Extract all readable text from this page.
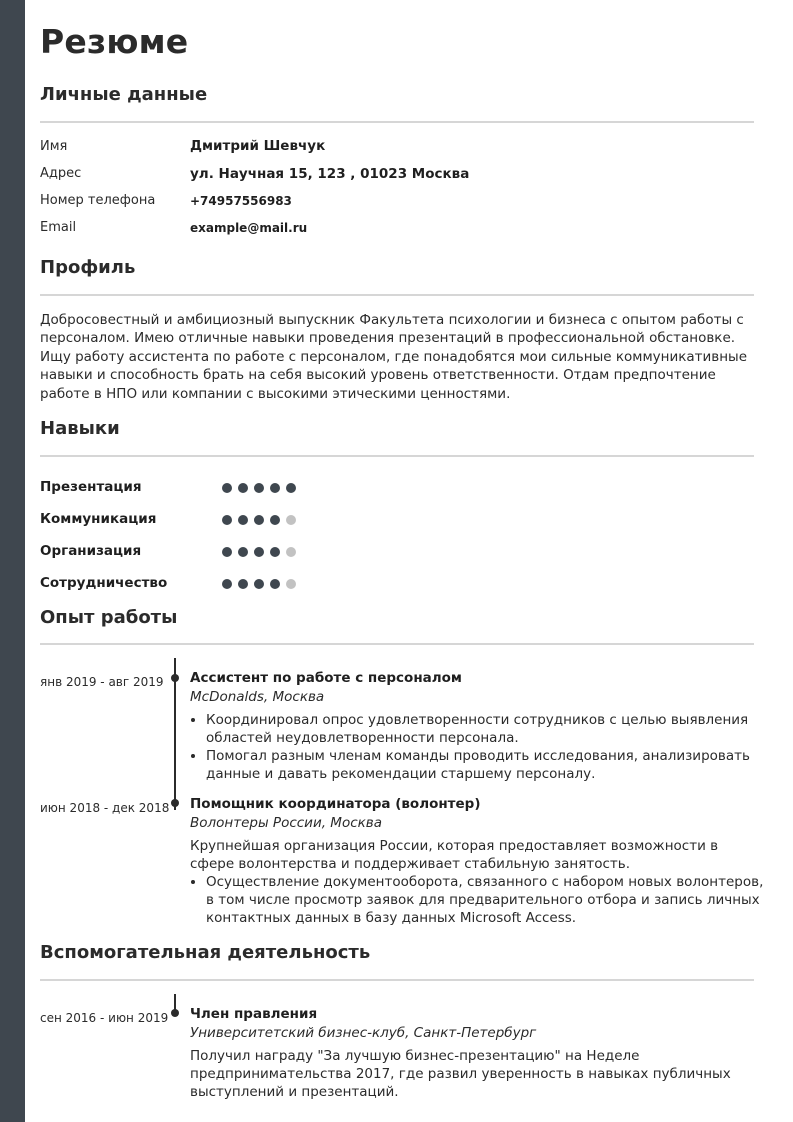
Резюме
Личные данные
Имя	Дмитрий Шевчук
Адрес	ул. Научная 15, 123 , 01023 Москва
Номер телефона	+74957556983
Email	example@mail.ru
Профиль
Добросовестный и амбициозный выпускник Факультета психологии и бизнеса с опытом работы с персоналом. Имею отличные навыки проведения презентаций в профессиональной обстановке. Ищу работу ассистента по работе с персоналом, где понадобятся мои сильные коммуникативные навыки и способность брать на себя высокий уровень ответственности. Отдам предпочтение работе в НПО или компании с высокими этическими ценностями.
Навыки
Презентация
Коммуникация
Организация
Сотрудничество
Опыт работы
янв 2019 - авг 2019 Ассистент по работе с персоналом
McDonalds, Москва
• Координировал опрос удовлетворенности сотрудников с целью выявления областей неудовлетворенности персонала.
• Помогал разным членам команды проводить исследования, анализировать данные и давать рекомендации старшему персоналу.
июн 2018 - дек 2018 Помощник координатора (волонтер)
Волонтеры России, Москва
Крупнейшая организация России, которая предоставляет возможности в сфере волонтерства и поддерживает стабильную занятость.
• Осуществление документооборота, связанного с набором новых волонтеров, в том числе просмотр заявок для предварительного отбора и запись личных контактных данных в базу данных Microsoft Access.
Вспомогательная деятельность
сен 2016 - июн 2019 Член правления
Университетский бизнес-клуб, Санкт-Петербург
Получил награду "За лучшую бизнес-презентацию" на Неделе предпринимательства 2017, где развил уверенность в навыках публичных выступлений и презентаций.
